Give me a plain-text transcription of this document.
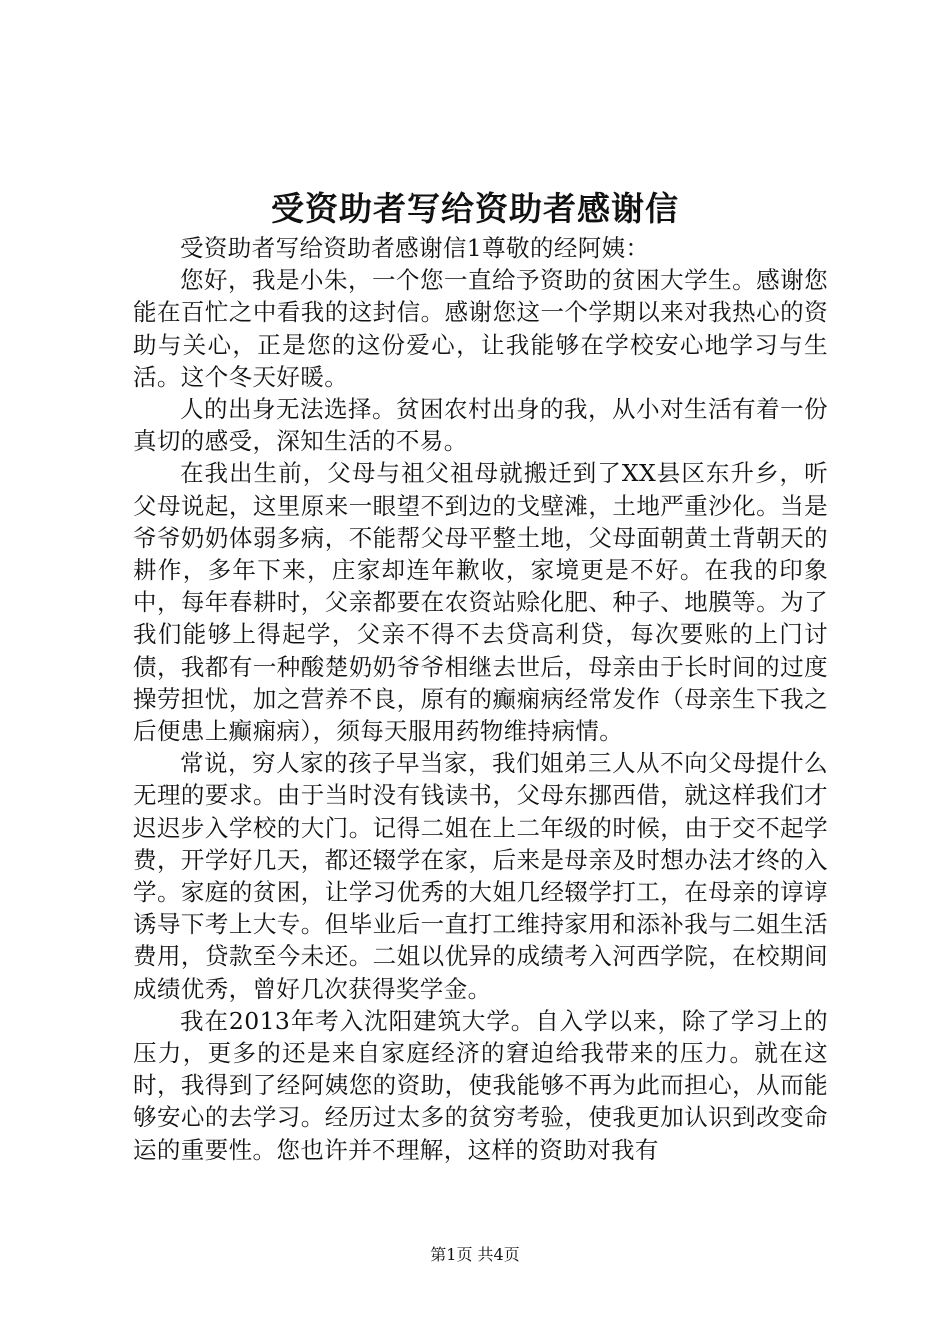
受资助者写给资助者感谢信

受资助者写给资助者感谢信1尊敬的经阿姨：

您好，我是小朱，一个您一直给予资助的贫困大学生。感谢您能在百忙之中看我的这封信。感谢您这一个学期以来对我热心的资助与关心，正是您的这份爱心，让我能够在学校安心地学习与生活。这个冬天好暖。

人的出身无法选择。贫困农村出身的我，从小对生活有着一份真切的感受，深知生活的不易。

在我出生前，父母与祖父祖母就搬迁到了XX县区东升乡，听父母说起，这里原来一眼望不到边的戈壁滩，土地严重沙化。当是爷爷奶奶体弱多病，不能帮父母平整土地，父母面朝黄土背朝天的耕作，多年下来，庄家却连年歉收，家境更是不好。在我的印象中，每年春耕时，父亲都要在农资站赊化肥、种子、地膜等。为了我们能够上得起学，父亲不得不去贷高利贷，每次要账的上门讨债，我都有一种酸楚奶奶爷爷相继去世后，母亲由于长时间的过度操劳担忧，加之营养不良，原有的癫痫病经常发作（母亲生下我之后便患上癫痫病），须每天服用药物维持病情。

常说，穷人家的孩子早当家，我们姐弟三人从不向父母提什么无理的要求。由于当时没有钱读书，父母东挪西借，就这样我们才迟迟步入学校的大门。记得二姐在上二年级的时候，由于交不起学费，开学好几天，都还辍学在家，后来是母亲及时想办法才终的入学。家庭的贫困，让学习优秀的大姐几经辍学打工，在母亲的谆谆诱导下考上大专。但毕业后一直打工维持家用和添补我与二姐生活费用，贷款至今未还。二姐以优异的成绩考入河西学院，在校期间成绩优秀，曾好几次获得奖学金。

我在2013年考入沈阳建筑大学。自入学以来，除了学习上的压力，更多的还是来自家庭经济的窘迫给我带来的压力。就在这时，我得到了经阿姨您的资助，使我能够不再为此而担心，从而能够安心的去学习。经历过太多的贫穷考验，使我更加认识到改变命运的重要性。您也许并不理解，这样的资助对我有

第1页 共4页
